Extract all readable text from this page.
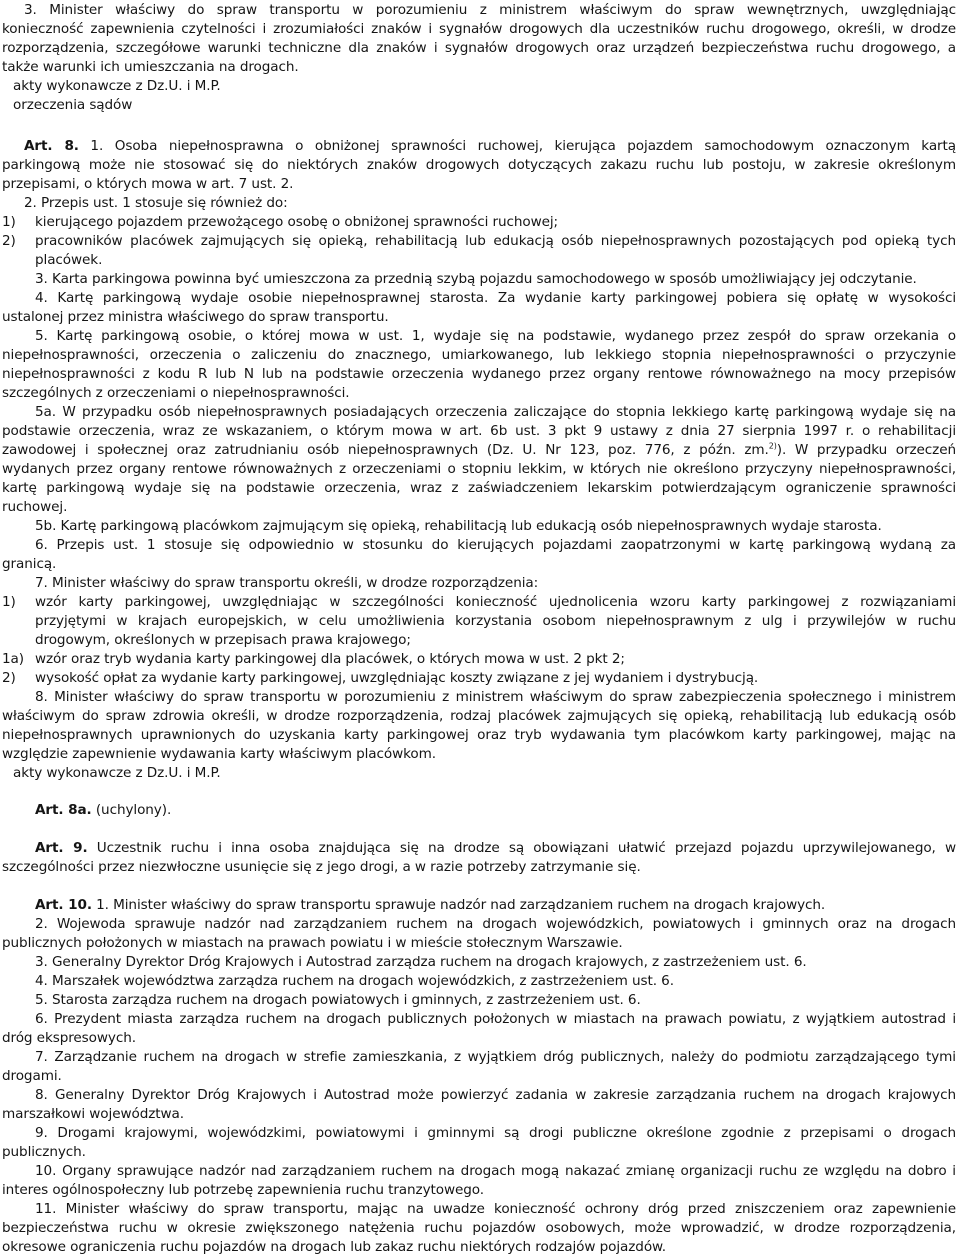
3. Minister właściwy do spraw transportu w porozumieniu z ministrem właściwym do spraw wewnętrznych, uwzględniając
konieczność zapewnienia czytelności i zrozumiałości znaków i sygnałów drogowych dla uczestników ruchu drogowego, określi, w drodze
rozporządzenia, szczegółowe warunki techniczne dla znaków i sygnałów drogowych oraz urządzeń bezpieczeństwa ruchu drogowego, a
także warunki ich umieszczania na drogach.
akty wykonawcze z Dz.U. i M.P.
orzeczenia sądów
Art. 8. 1. Osoba niepełnosprawna o obniżonej sprawności ruchowej, kierująca pojazdem samochodowym oznaczonym kartą
parkingową może nie stosować się do niektórych znaków drogowych dotyczących zakazu ruchu lub postoju, w zakresie określonym
przepisami, o których mowa w art. 7 ust. 2.
2. Przepis ust. 1 stosuje się również do:
1) kierującego pojazdem przewożącego osobę o obniżonej sprawności ruchowej;
2) pracowników placówek zajmujących się opieką, rehabilitacją lub edukacją osób niepełnosprawnych pozostających pod opieką tych
placówek.
3. Karta parkingowa powinna być umieszczona za przednią szybą pojazdu samochodowego w sposób umożliwiający jej odczytanie.
4. Kartę parkingową wydaje osobie niepełnosprawnej starosta. Za wydanie karty parkingowej pobiera się opłatę w wysokości
ustalonej przez ministra właściwego do spraw transportu.
5. Kartę parkingową osobie, o której mowa w ust. 1, wydaje się na podstawie, wydanego przez zespół do spraw orzekania o
niepełnosprawności, orzeczenia o zaliczeniu do znacznego, umiarkowanego, lub lekkiego stopnia niepełnosprawności o przyczynie
niepełnosprawności z kodu R lub N lub na podstawie orzeczenia wydanego przez organy rentowe równoważnego na mocy przepisów
szczególnych z orzeczeniami o niepełnosprawności.
5a. W przypadku osób niepełnosprawnych posiadających orzeczenia zaliczające do stopnia lekkiego kartę parkingową wydaje się na
podstawie orzeczenia, wraz ze wskazaniem, o którym mowa w art. 6b ust. 3 pkt 9 ustawy z dnia 27 sierpnia 1997 r. o rehabilitacji
zawodowej i społecznej oraz zatrudnianiu osób niepełnosprawnych (Dz. U. Nr 123, poz. 776, z późn. zm.$^{2)}$). W przypadku orzeczeń
wydanych przez organy rentowe równoważnych z orzeczeniami o stopniu lekkim, w których nie określono przyczyny niepełnosprawności,
kartę parkingową wydaje się na podstawie orzeczenia, wraz z zaświadczeniem lekarskim potwierdzającym ograniczenie sprawności
ruchowej.
5b. Kartę parkingową placówkom zajmującym się opieką, rehabilitacją lub edukacją osób niepełnosprawnych wydaje starosta.
6. Przepis ust. 1 stosuje się odpowiednio w stosunku do kierujących pojazdami zaopatrzonymi w kartę parkingową wydaną za
granicą.
7. Minister właściwy do spraw transportu określi, w drodze rozporządzenia:
1) wzór karty parkingowej, uwzględniając w szczególności konieczność ujednolicenia wzoru karty parkingowej z rozwiązaniami
przyjętymi w krajach europejskich, w celu umożliwienia korzystania osobom niepełnosprawnym z ulg i przywilejów w ruchu
drogowym, określonych w przepisach prawa krajowego;
1a) wzór oraz tryb wydania karty parkingowej dla placówek, o których mowa w ust. 2 pkt 2;
2) wysokość opłat za wydanie karty parkingowej, uwzględniając koszty związane z jej wydaniem i dystrybucją.
8. Minister właściwy do spraw transportu w porozumieniu z ministrem właściwym do spraw zabezpieczenia społecznego i ministrem
właściwym do spraw zdrowia określi, w drodze rozporządzenia, rodzaj placówek zajmujących się opieką, rehabilitacją lub edukacją osób
niepełnosprawnych uprawnionych do uzyskania karty parkingowej oraz tryb wydawania tym placówkom karty parkingowej, mając na
względzie zapewnienie wydawania karty właściwym placówkom.
akty wykonawcze z Dz.U. i M.P.
Art. 8a. (uchylony).
Art. 9. Uczestnik ruchu i inna osoba znajdująca się na drodze są obowiązani ułatwić przejazd pojazdu uprzywilejowanego, w
szczególności przez niezwłoczne usunięcie się z jego drogi, a w razie potrzeby zatrzymanie się.
Art. 10. 1. Minister właściwy do spraw transportu sprawuje nadzór nad zarządzaniem ruchem na drogach krajowych.
2. Wojewoda sprawuje nadzór nad zarządzaniem ruchem na drogach wojewódzkich, powiatowych i gminnych oraz na drogach
publicznych położonych w miastach na prawach powiatu i w mieście stołecznym Warszawie.
3. Generalny Dyrektor Dróg Krajowych i Autostrad zarządza ruchem na drogach krajowych, z zastrzeżeniem ust. 6.
4. Marszałek województwa zarządza ruchem na drogach wojewódzkich, z zastrzeżeniem ust. 6.
5. Starosta zarządza ruchem na drogach powiatowych i gminnych, z zastrzeżeniem ust. 6.
6. Prezydent miasta zarządza ruchem na drogach publicznych położonych w miastach na prawach powiatu, z wyjątkiem autostrad i
dróg ekspresowych.
7. Zarządzanie ruchem na drogach w strefie zamieszkania, z wyjątkiem dróg publicznych, należy do podmiotu zarządzającego tymi
drogami.
8. Generalny Dyrektor Dróg Krajowych i Autostrad może powierzyć zadania w zakresie zarządzania ruchem na drogach krajowych
marszałkowi województwa.
9. Drogami krajowymi, wojewódzkimi, powiatowymi i gminnymi są drogi publiczne określone zgodnie z przepisami o drogach
publicznych.
10. Organy sprawujące nadzór nad zarządzaniem ruchem na drogach mogą nakazać zmianę organizacji ruchu ze względu na dobro i
interes ogólnospołeczny lub potrzebę zapewnienia ruchu tranzytowego.
11. Minister właściwy do spraw transportu, mając na uwadze konieczność ochrony dróg przed zniszczeniem oraz zapewnienie
bezpieczeństwa ruchu w okresie zwiększonego natężenia ruchu pojazdów osobowych, może wprowadzić, w drodze rozporządzenia,
okresowe ograniczenia ruchu pojazdów na drogach lub zakaz ruchu niektórych rodzajów pojazdów.
